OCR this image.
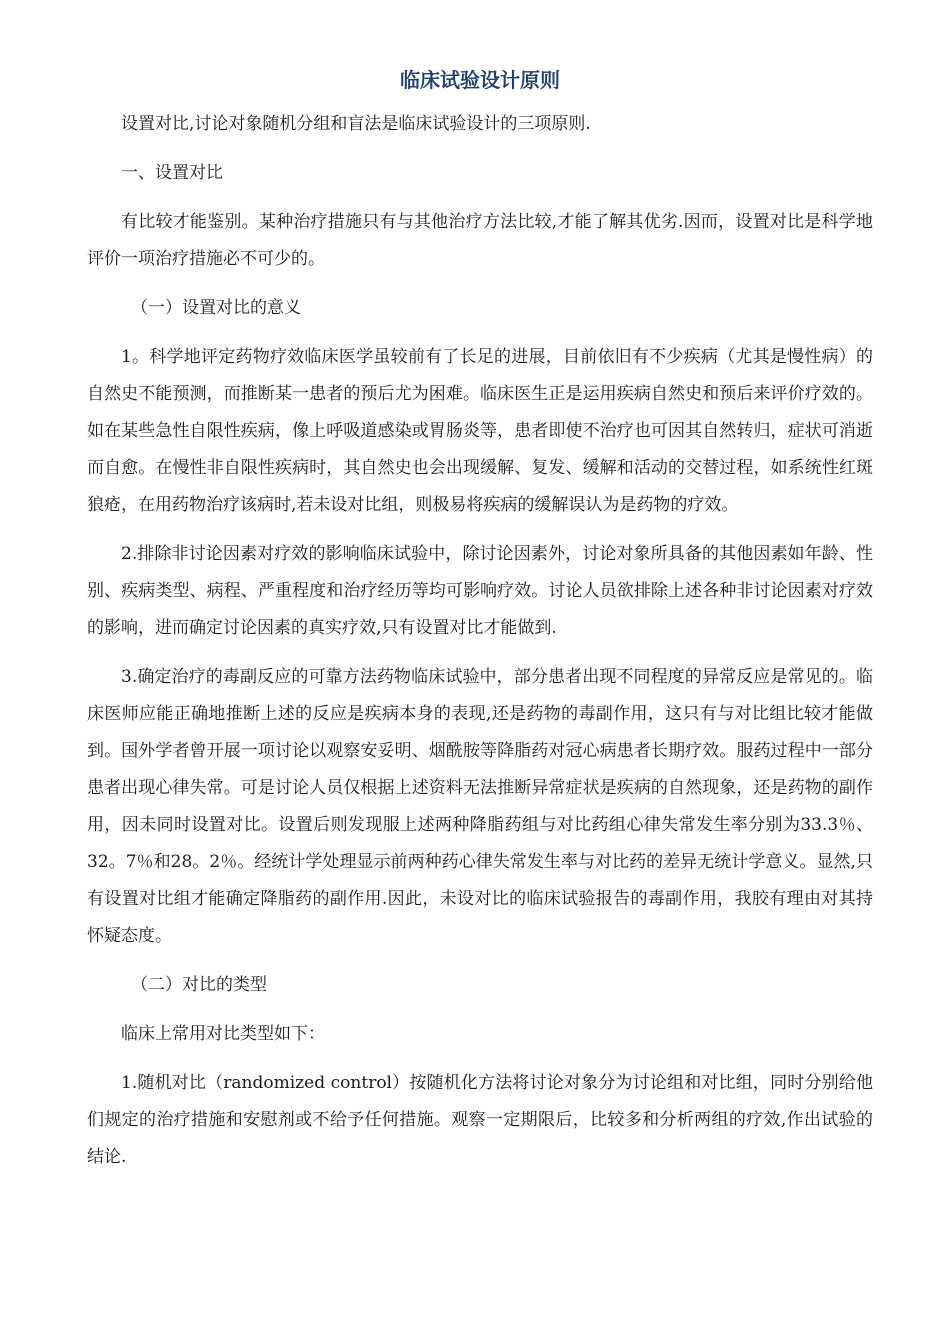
临床试验设计原则
设置对比,讨论对象随机分组和盲法是临床试验设计的三项原则.
一、设置对比
有比较才能鉴别。某种治疗措施只有与其他治疗方法比较,才能了解其优劣.因而，设置对比是科学地评价一项治疗措施必不可少的。
（一）设置对比的意义
1。科学地评定药物疗效临床医学虽较前有了长足的进展，目前依旧有不少疾病（尤其是慢性病）的自然史不能预测，而推断某一患者的预后尤为困难。临床医生正是运用疾病自然史和预后来评价疗效的。如在某些急性自限性疾病，像上呼吸道感染或胃肠炎等，患者即使不治疗也可因其自然转归，症状可消逝而自愈。在慢性非自限性疾病时，其自然史也会出现缓解、复发、缓解和活动的交替过程，如系统性红斑狼疮，在用药物治疗该病时,若未设对比组，则极易将疾病的缓解误认为是药物的疗效。
2.排除非讨论因素对疗效的影响临床试验中，除讨论因素外，讨论对象所具备的其他因素如年龄、性别、疾病类型、病程、严重程度和治疗经历等均可影响疗效。讨论人员欲排除上述各种非讨论因素对疗效的影响，进而确定讨论因素的真实疗效,只有设置对比才能做到.
3.确定治疗的毒副反应的可靠方法药物临床试验中，部分患者出现不同程度的异常反应是常见的。临床医师应能正确地推断上述的反应是疾病本身的表现,还是药物的毒副作用，这只有与对比组比较才能做到。国外学者曾开展一项讨论以观察安妥明、烟酰胺等降脂药对冠心病患者长期疗效。服药过程中一部分患者出现心律失常。可是讨论人员仅根据上述资料无法推断异常症状是疾病的自然现象，还是药物的副作用，因未同时设置对比。设置后则发现服上述两种降脂药组与对比药组心律失常发生率分别为33.3％、32。7％和28。2％。经统计学处理显示前两种药心律失常发生率与对比药的差异无统计学意义。显然,只有设置对比组才能确定降脂药的副作用.因此，未设对比的临床试验报告的毒副作用，我胶有理由对其持怀疑态度。
（二）对比的类型
临床上常用对比类型如下：
1.随机对比（randomized control）按随机化方法将讨论对象分为讨论组和对比组，同时分别给他们规定的治疗措施和安慰剂或不给予任何措施。观察一定期限后，比较多和分析两组的疗效,作出试验的结论.
